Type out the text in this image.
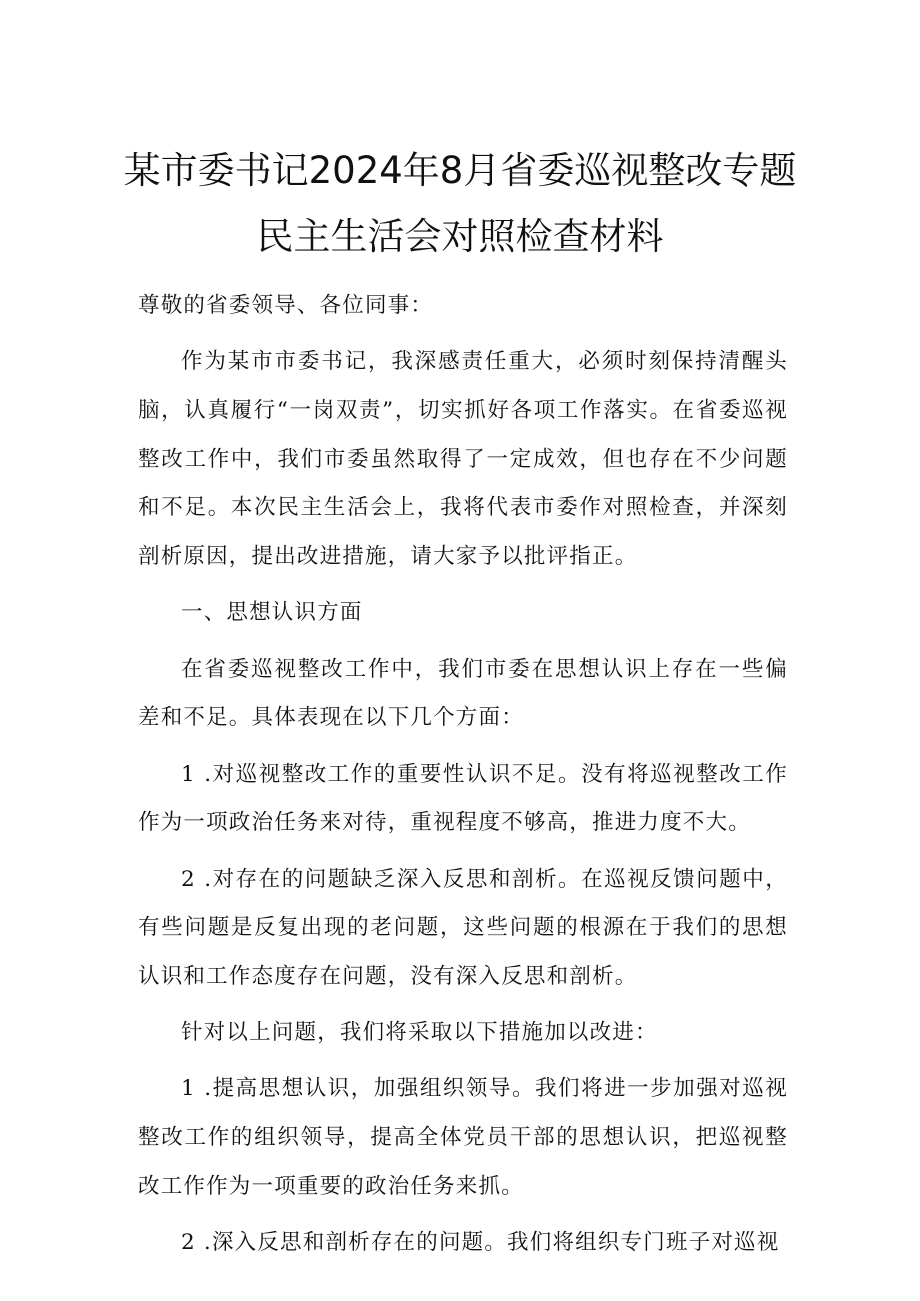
某市委书记2024年8月省委巡视整改专题
民主生活会对照检查材料

尊敬的省委领导、各位同事：

作为某市市委书记，我深感责任重大，必须时刻保持清醒头脑，认真履行“一岗双责”，切实抓好各项工作落实。在省委巡视整改工作中，我们市委虽然取得了一定成效，但也存在不少问题和不足。本次民主生活会上，我将代表市委作对照检查，并深刻剖析原因，提出改进措施，请大家予以批评指正。

一、思想认识方面

在省委巡视整改工作中，我们市委在思想认识上存在一些偏差和不足。具体表现在以下几个方面：

1 .对巡视整改工作的重要性认识不足。没有将巡视整改工作作为一项政治任务来对待，重视程度不够高，推进力度不大。

2 .对存在的问题缺乏深入反思和剖析。在巡视反馈问题中，有些问题是反复出现的老问题，这些问题的根源在于我们的思想认识和工作态度存在问题，没有深入反思和剖析。

针对以上问题，我们将采取以下措施加以改进：

1 .提高思想认识，加强组织领导。我们将进一步加强对巡视整改工作的组织领导，提高全体党员干部的思想认识，把巡视整改工作作为一项重要的政治任务来抓。

2 .深入反思和剖析存在的问题。我们将组织专门班子对巡视
